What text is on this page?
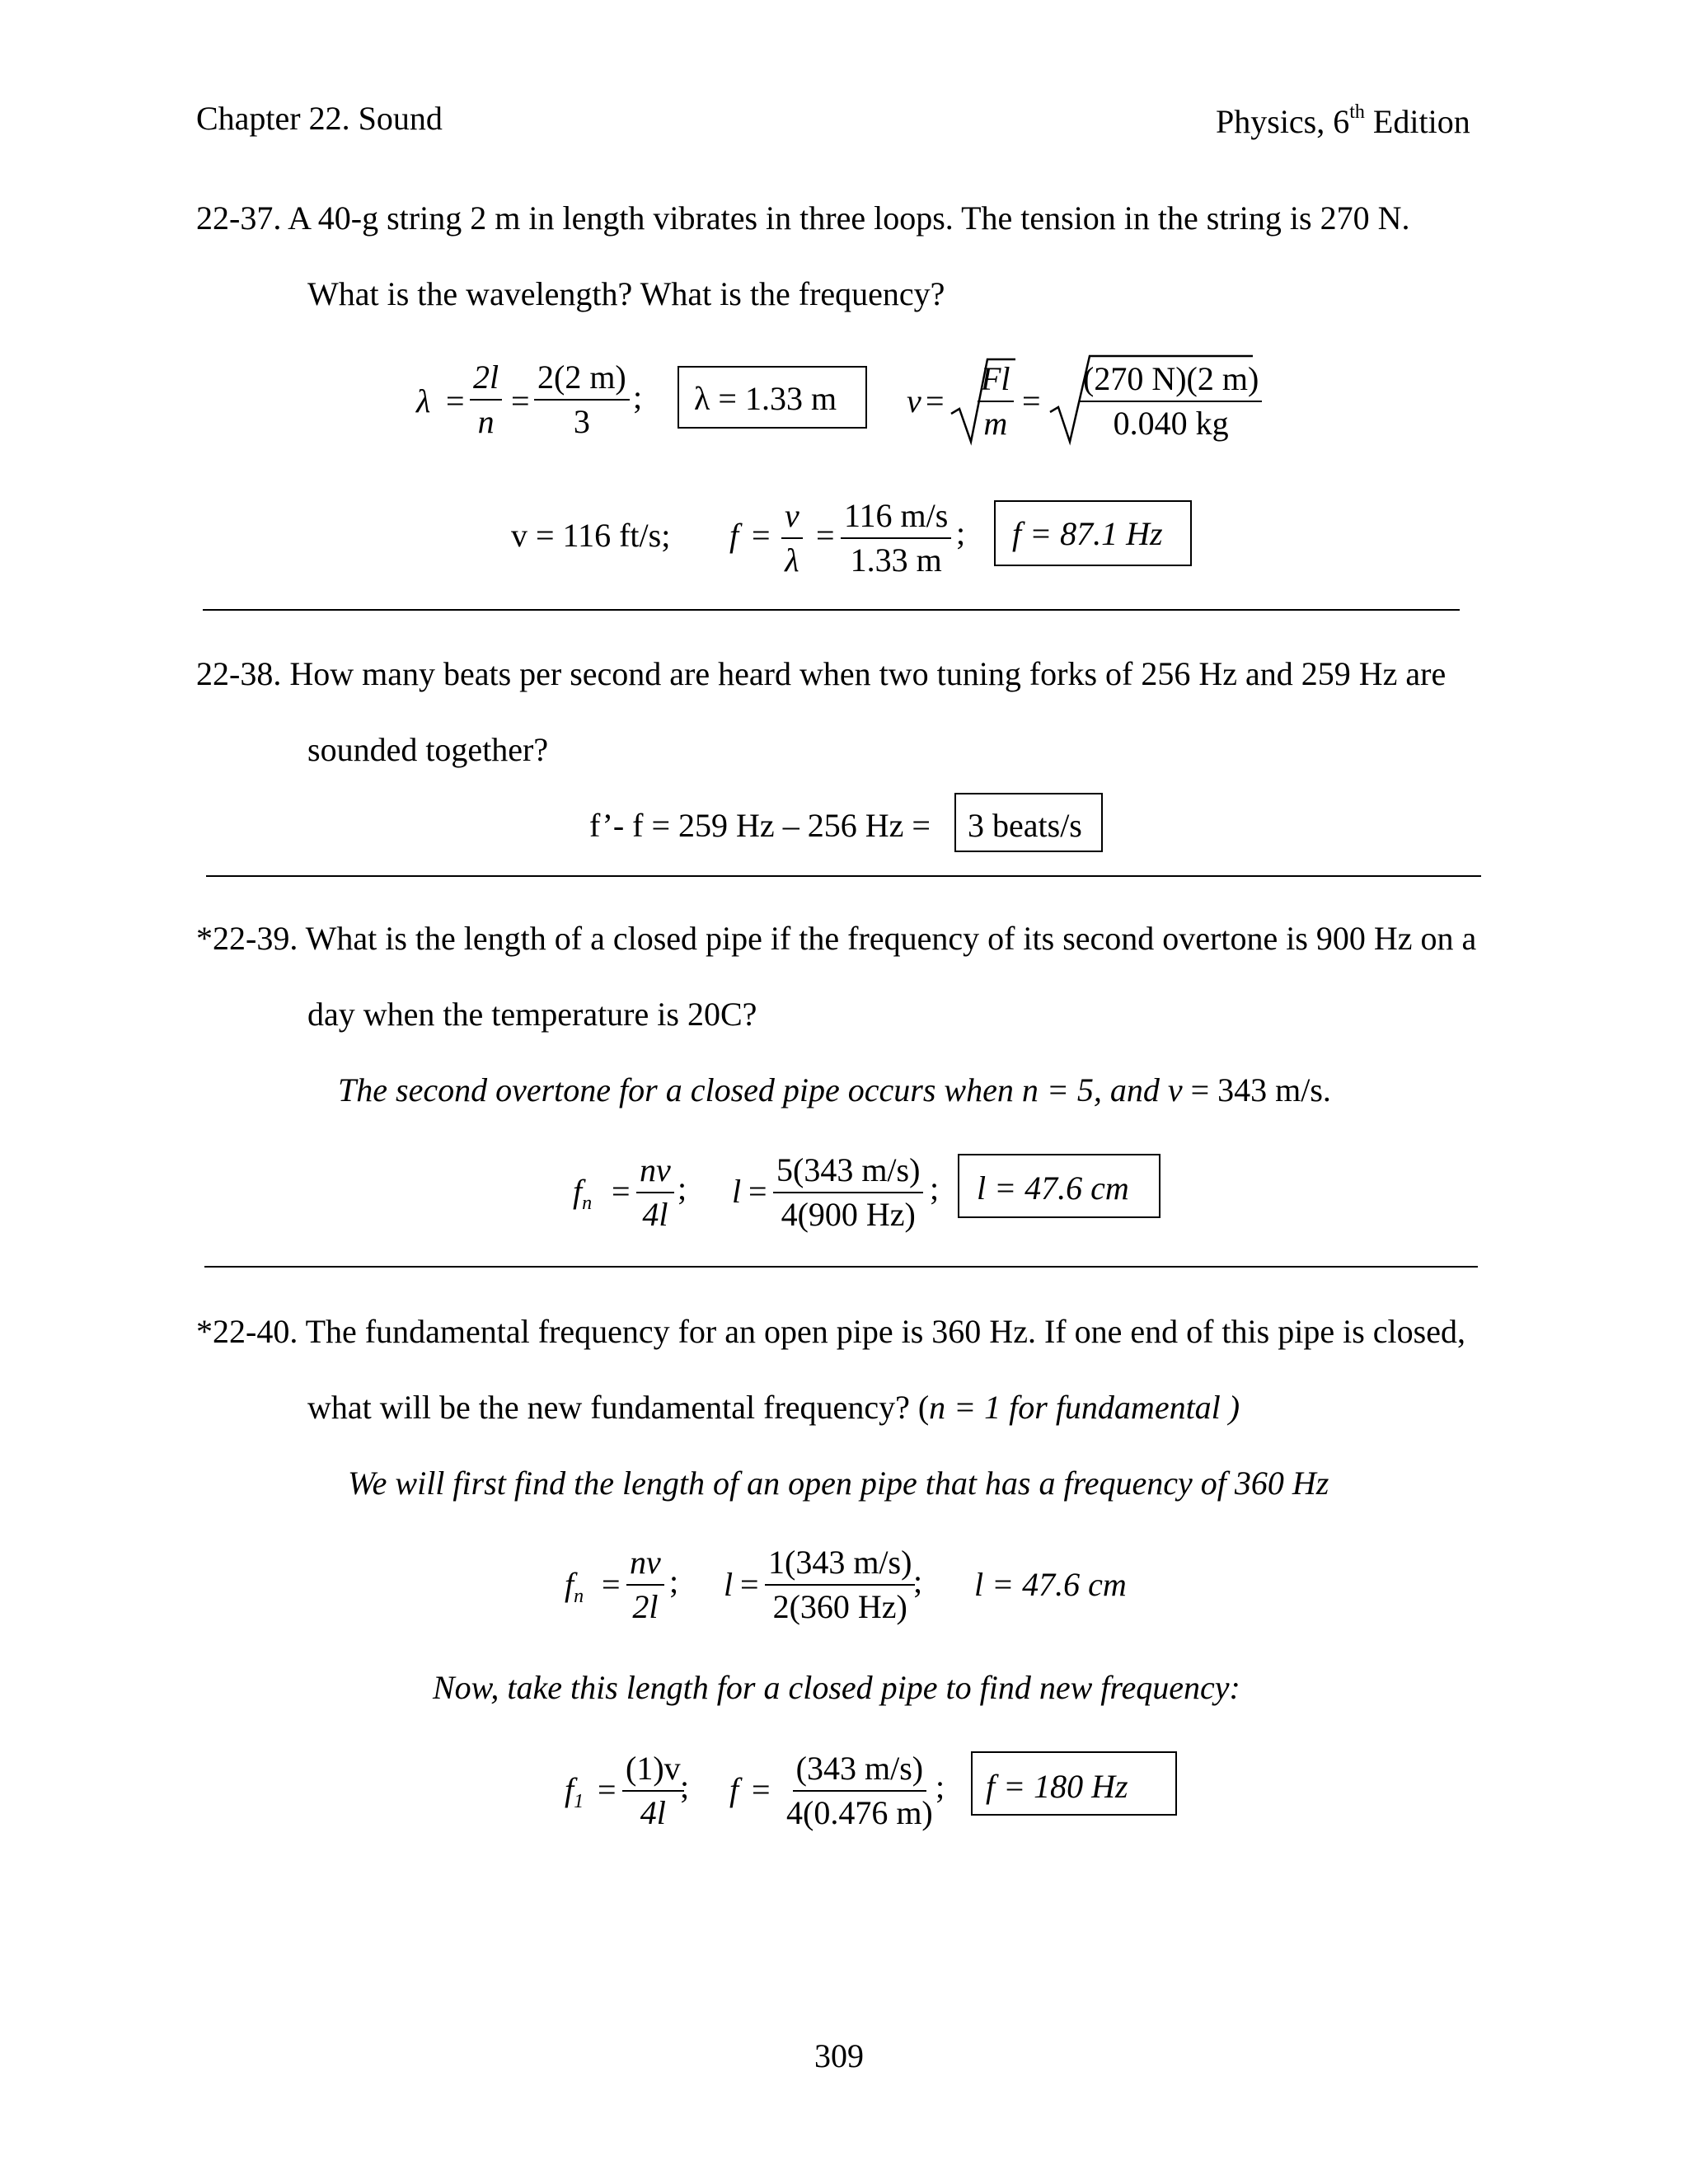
Chapter 22. Sound	Physics, 6th Edition
22-37. A 40-g string 2 m in length vibrates in three loops. The tension in the string is 270 N.
What is the wavelength? What is the frequency?
$\lambda = \frac{2l}{n} = \frac{2(2 m)}{3}$ ; λ = 1.33 m $v = \frac{Fl}{m} = \frac{(270 N)(2 m)}{0.040 kg}$
v = 116 ft/s; $f = \frac{v}{\lambda} = \frac{116 m/s}{1.33 m}$ ; f = 87.1 Hz
22-38. How many beats per second are heard when two tuning forks of 256 Hz and 259 Hz are
sounded together?
f’- f = 259 Hz – 256 Hz = 3 beats/s
*22-39. What is the length of a closed pipe if the frequency of its second overtone is 900 Hz on a
day when the temperature is 20C?
The second overtone for a closed pipe occurs when n = 5, and v = 343 m/s.
$f_n = \frac{nv}{4l}$ ; $l = \frac{5(343 m/s)}{4(900 Hz)}$ ; l = 47.6 cm
*22-40. The fundamental frequency for an open pipe is 360 Hz. If one end of this pipe is closed,
what will be the new fundamental frequency? (n = 1 for fundamental )
We will first find the length of an open pipe that has a frequency of 360 Hz
$f_n = \frac{nv}{2l}$ ; $l = \frac{1(343 m/s)}{2(360 Hz)}$
; l = 47.6 cm
Now, take this length for a closed pipe to find new frequency:
$f_1 = \frac{(1)v}{4l}$
; $f = \frac{(343 m/s)}{4(0.476 m)}$ ; f = 180 Hz
309
